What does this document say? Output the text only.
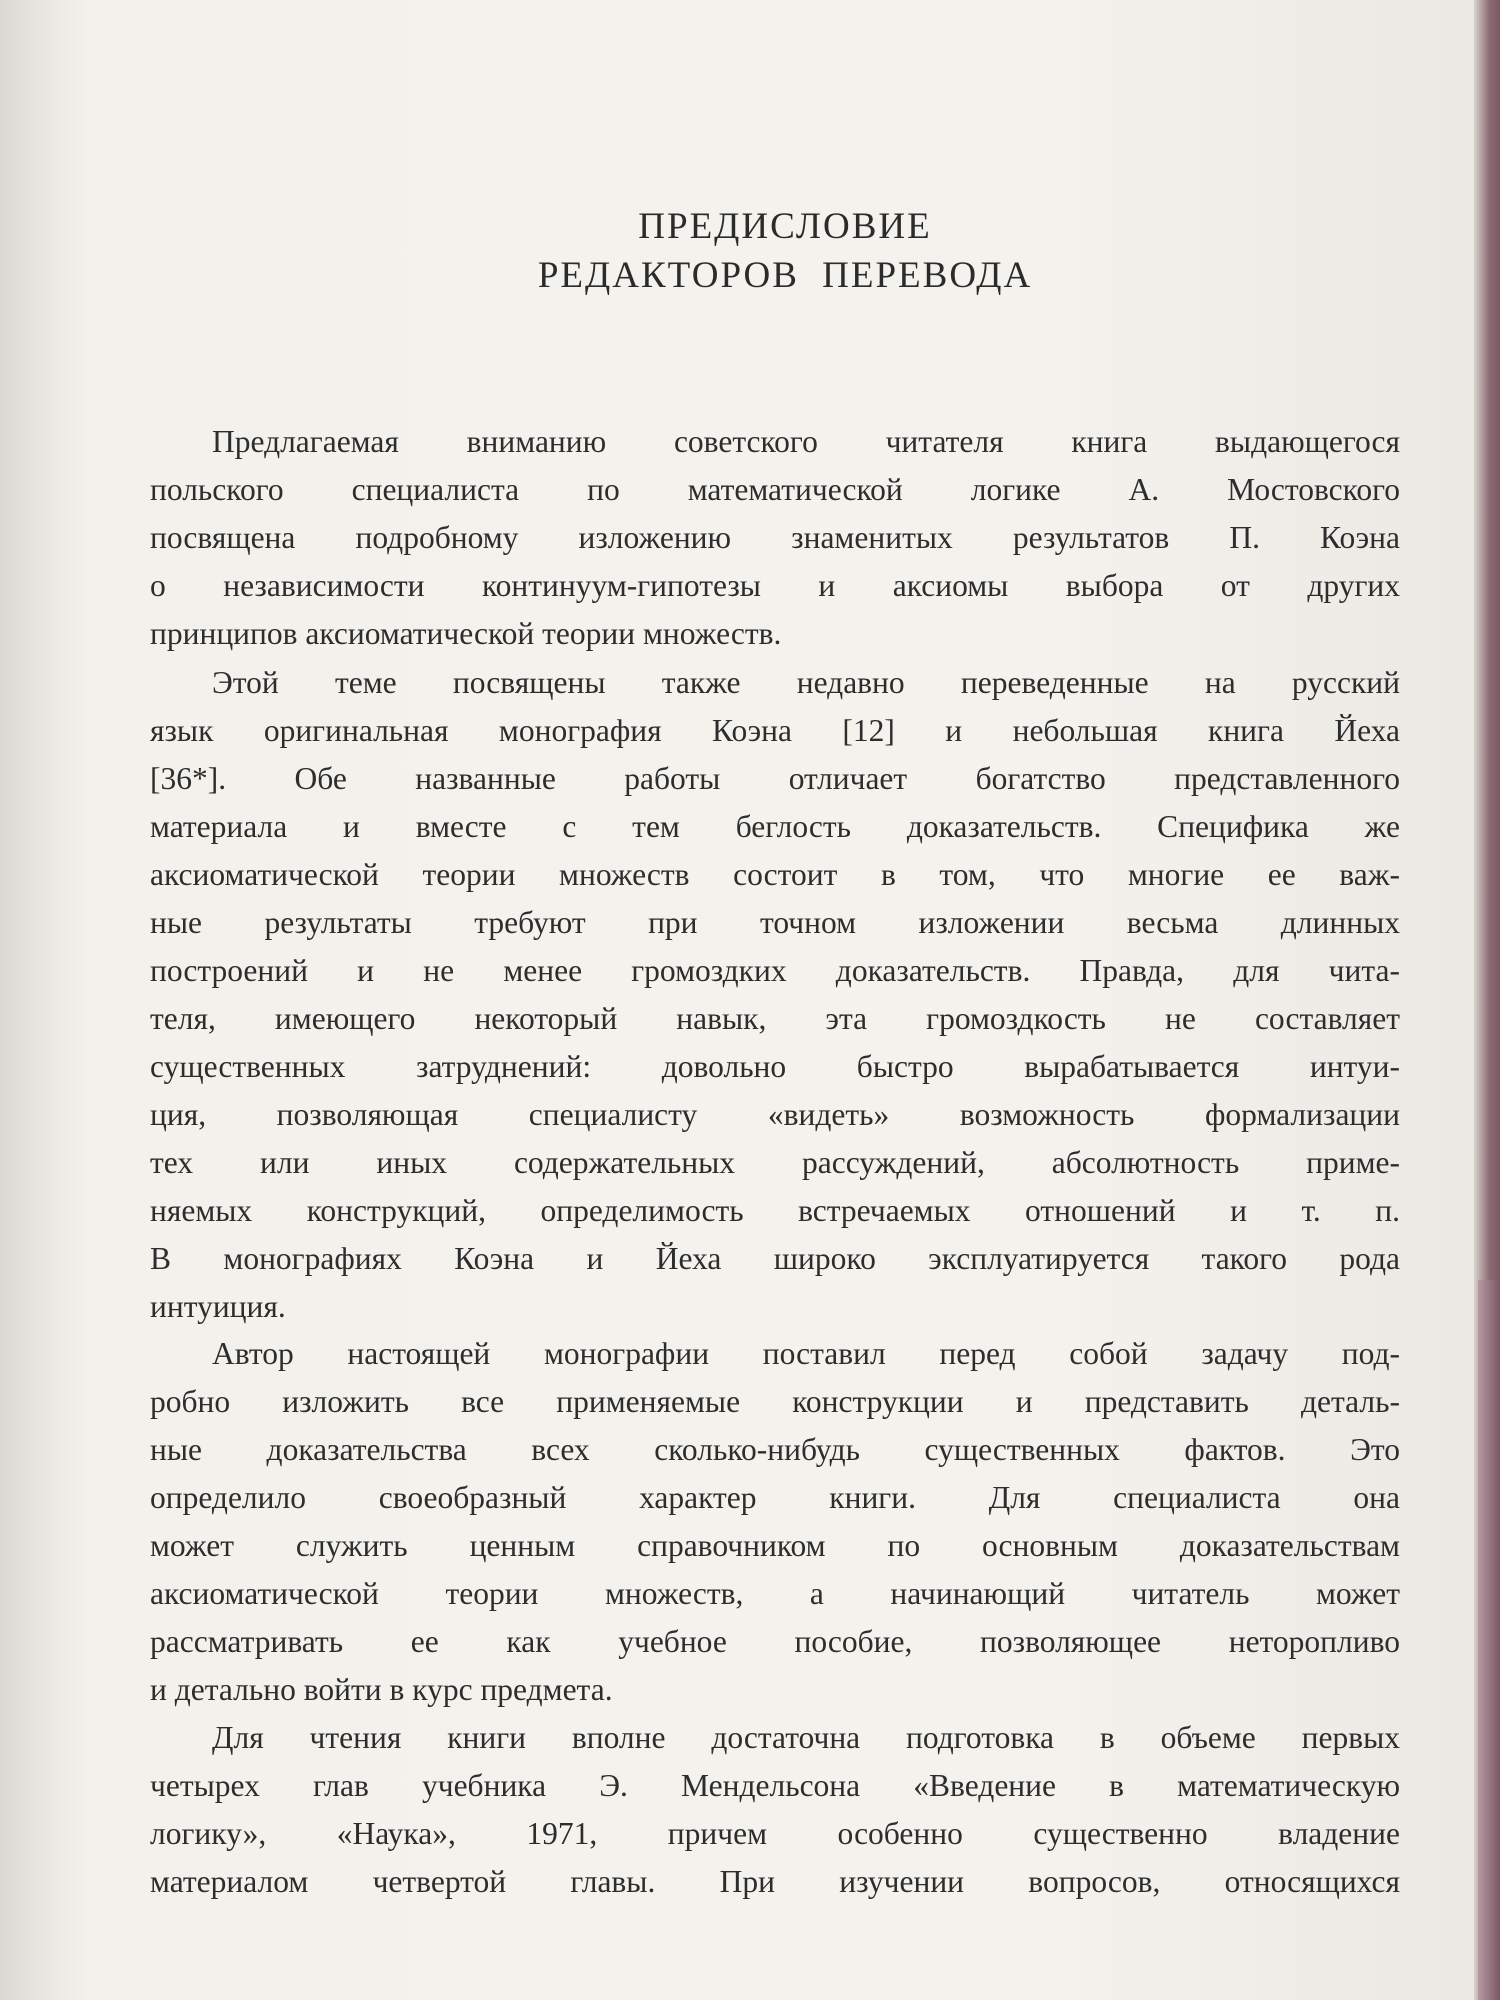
ПРЕДИСЛОВИЕ
РЕДАКТОРОВ ПЕРЕВОДА
Предлагаемая вниманию советского читателя книга выдающегося
польского специалиста по математической логике А. Мостовского
посвящена подробному изложению знаменитых результатов П. Коэна
о независимости континуум-гипотезы и аксиомы выбора от других
принципов аксиоматической теории множеств.
Этой теме посвящены также недавно переведенные на русский
язык оригинальная монография Коэна [12] и небольшая книга Йеха
[36*]. Обе названные работы отличает богатство представленного
материала и вместе с тем беглость доказательств. Специфика же
аксиоматической теории множеств состоит в том, что многие ее важ-
ные результаты требуют при точном изложении весьма длинных
построений и не менее громоздких доказательств. Правда, для чита-
теля, имеющего некоторый навык, эта громоздкость не составляет
существенных затруднений: довольно быстро вырабатывается интуи-
ция, позволяющая специалисту «видеть» возможность формализации
тех или иных содержательных рассуждений, абсолютность приме-
няемых конструкций, определимость встречаемых отношений и т. п.
В монографиях Коэна и Йеха широко эксплуатируется такого рода
интуиция.
Автор настоящей монографии поставил перед собой задачу под-
робно изложить все применяемые конструкции и представить деталь-
ные доказательства всех сколько-нибудь существенных фактов. Это
определило своеобразный характер книги. Для специалиста она
может служить ценным справочником по основным доказательствам
аксиоматической теории множеств, а начинающий читатель может
рассматривать ее как учебное пособие, позволяющее неторопливо
и детально войти в курс предмета.
Для чтения книги вполне достаточна подготовка в объеме первых
четырех глав учебника Э. Мендельсона «Введение в математическую
логику», «Наука», 1971, причем особенно существенно владение
материалом четвертой главы. При изучении вопросов, относящихся
